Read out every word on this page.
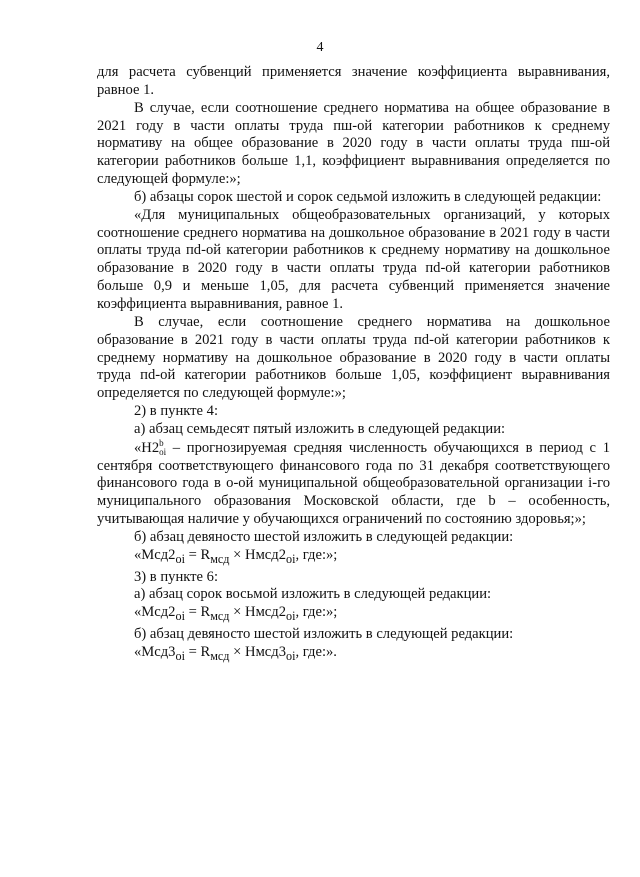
4

для расчета субвенций применяется значение коэффициента выравнивания, равное 1.

В случае, если соотношение среднего норматива на общее образование в 2021 году в части оплаты труда пш-ой категории работников к среднему нормативу на общее образование в 2020 году в части оплаты труда пш-ой категории работников больше 1,1, коэффициент выравнивания определяется по следующей формуле:»;

б) абзацы сорок шестой и сорок седьмой изложить в следующей редакции:

«Для муниципальных общеобразовательных организаций, у которых соотношение среднего норматива на дошкольное образование в 2021 году в части оплаты труда пd-ой категории работников к среднему нормативу на дошкольное образование в 2020 году в части оплаты труда пd-ой категории работников больше 0,9 и меньше 1,05, для расчета субвенций применяется значение коэффициента выравнивания, равное 1.

В случае, если соотношение среднего норматива на дошкольное образование в 2021 году в части оплаты труда пd-ой категории работников к среднему нормативу на дошкольное образование в 2020 году в части оплаты труда пd-ой категории работников больше 1,05, коэффициент выравнивания определяется по следующей формуле:»;

2) в пункте 4:

а) абзац семьдесят пятый изложить в следующей редакции:

«Н2 b
oi – прогнозируемая средняя численность обучающихся в период с 1 сентября соответствующего финансового года по 31 декабря соответствующего финансового года в о-ой муниципальной общеобразовательной организации i-го муниципального образования Московской области, где b – особенность, учитывающая наличие у обучающихся ограничений по состоянию здоровья;»;

б) абзац девяносто шестой изложить в следующей редакции:

«$Мсд2_{oi} = R_{мсд}$ × $Нмсд2_{oi}$, где:»;

3) в пункте 6:

а) абзац сорок восьмой изложить в следующей редакции:

«$Мсд2_{oi} = R_{мсд}$ × $Нмсд2_{oi}$, где:»;

б) абзац девяносто шестой изложить в следующей редакции:

«$Мсд3_{oi} = R_{мсд}$ × $Нмсд3_{oi}$, где:».
